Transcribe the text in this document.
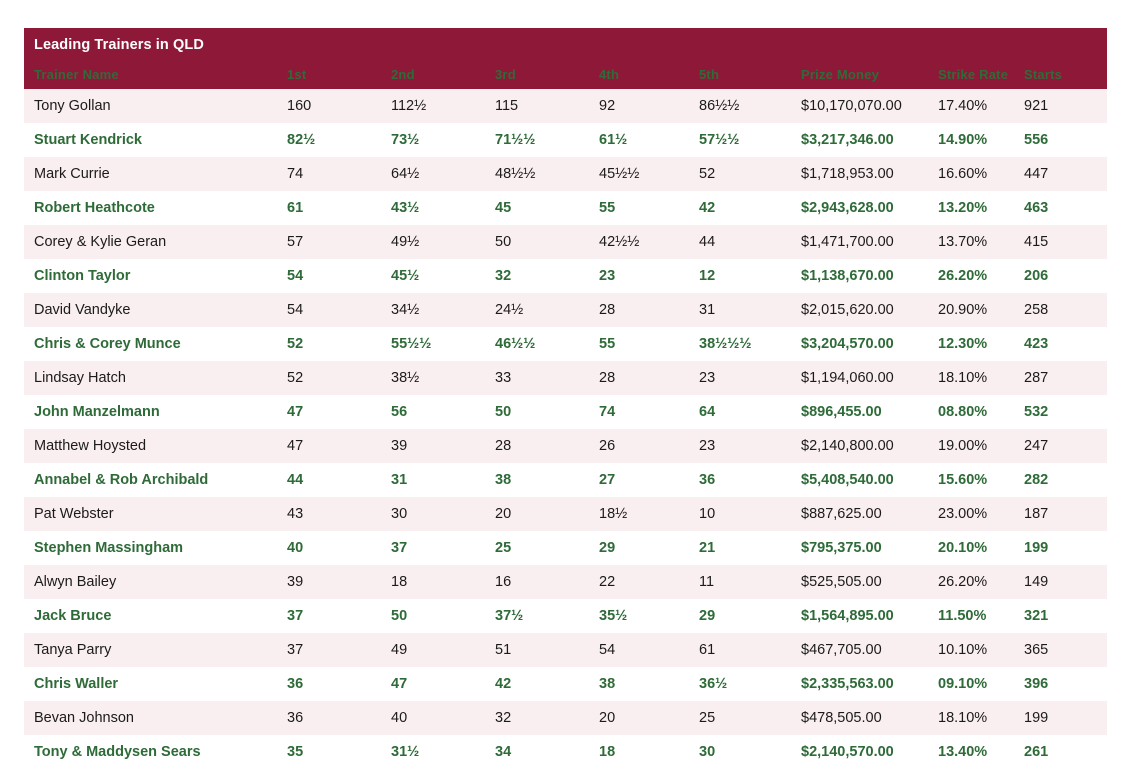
Leading Trainers in QLD
Trainer Name	1st	2nd	3rd	4th	5th	Prize Money	Strike Rate	Starts
Tony Gollan	160	112½	115	92	86½½	$10,170,070.00	17.40%	921
Stuart Kendrick	82½	73½	71½½	61½	57½½	$3,217,346.00	14.90%	556
Mark Currie	74	64½	48½½	45½½	52	$1,718,953.00	16.60%	447
Robert Heathcote	61	43½	45	55	42	$2,943,628.00	13.20%	463
Corey & Kylie Geran	57	49½	50	42½½	44	$1,471,700.00	13.70%	415
Clinton Taylor	54	45½	32	23	12	$1,138,670.00	26.20%	206
David Vandyke	54	34½	24½	28	31	$2,015,620.00	20.90%	258
Chris & Corey Munce	52	55½½	46½½	55	38½½½	$3,204,570.00	12.30%	423
Lindsay Hatch	52	38½	33	28	23	$1,194,060.00	18.10%	287
John Manzelmann	47	56	50	74	64	$896,455.00	08.80%	532
Matthew Hoysted	47	39	28	26	23	$2,140,800.00	19.00%	247
Annabel & Rob Archibald	44	31	38	27	36	$5,408,540.00	15.60%	282
Pat Webster	43	30	20	18½	10	$887,625.00	23.00%	187
Stephen Massingham	40	37	25	29	21	$795,375.00	20.10%	199
Alwyn Bailey	39	18	16	22	11	$525,505.00	26.20%	149
Jack Bruce	37	50	37½	35½	29	$1,564,895.00	11.50%	321
Tanya Parry	37	49	51	54	61	$467,705.00	10.10%	365
Chris Waller	36	47	42	38	36½	$2,335,563.00	09.10%	396
Bevan Johnson	36	40	32	20	25	$478,505.00	18.10%	199
Tony & Maddysen Sears	35	31½	34	18	30	$2,140,570.00	13.40%	261
